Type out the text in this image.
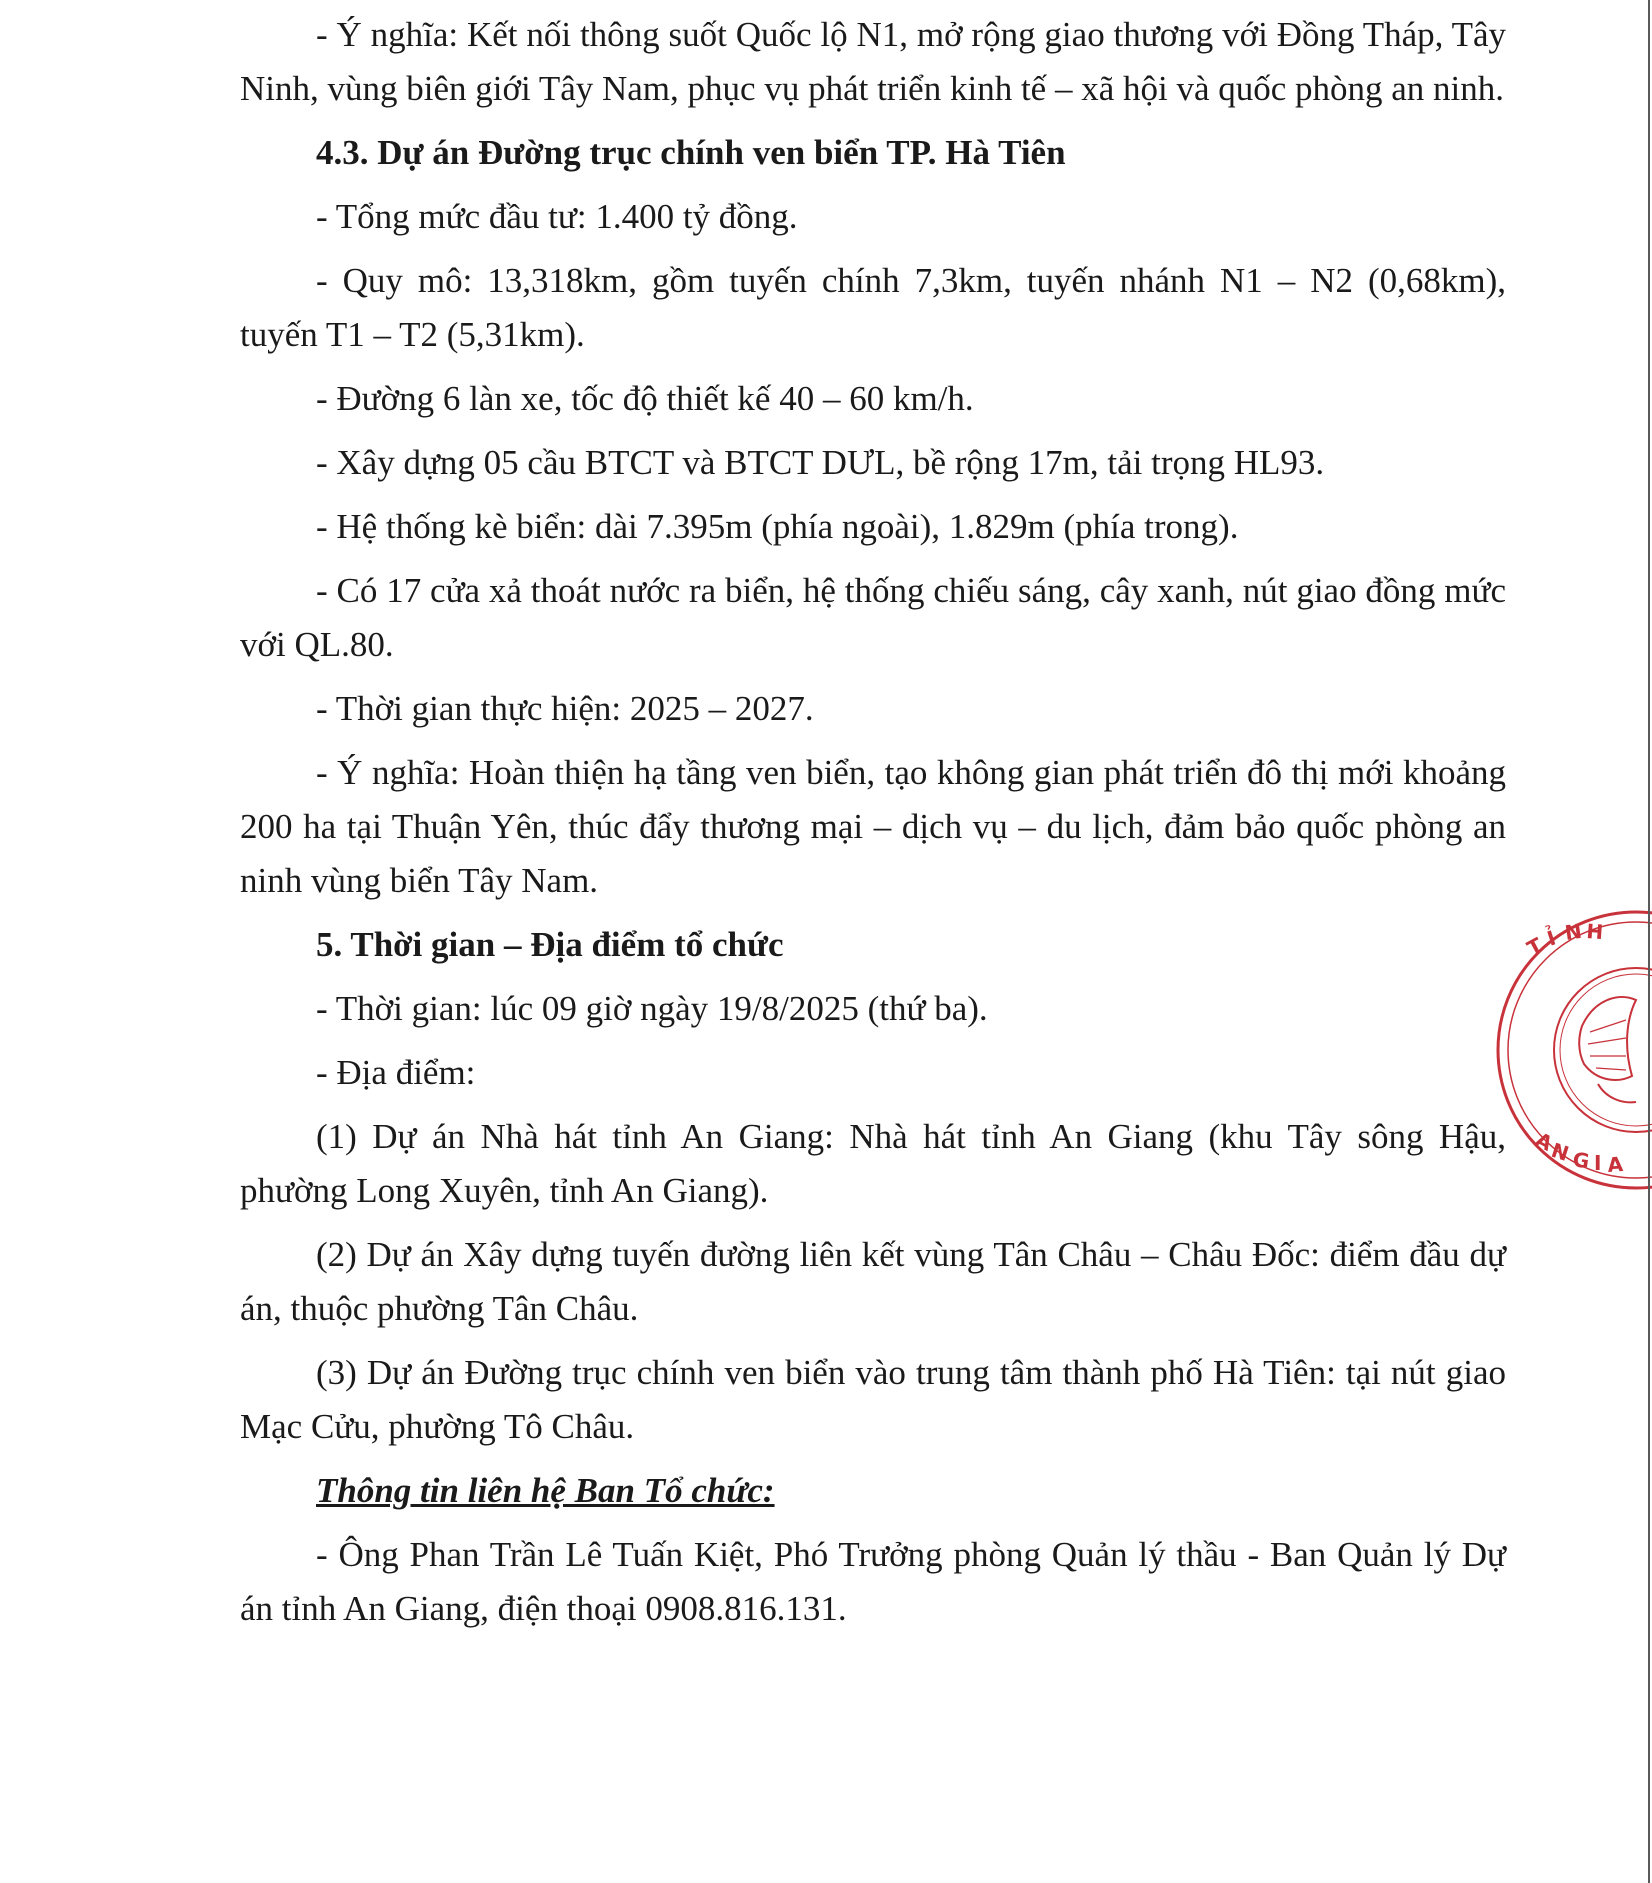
- Ý nghĩa: Kết nối thông suốt Quốc lộ N1, mở rộng giao thương với Đồng Tháp, Tây Ninh, vùng biên giới Tây Nam, phục vụ phát triển kinh tế – xã hội và quốc phòng an ninh.

4.3. Dự án Đường trục chính ven biển TP. Hà Tiên

- Tổng mức đầu tư: 1.400 tỷ đồng.

- Quy mô: 13,318km, gồm tuyến chính 7,3km, tuyến nhánh N1 – N2 (0,68km), tuyến T1 – T2 (5,31km).

- Đường 6 làn xe, tốc độ thiết kế 40 – 60 km/h.

- Xây dựng 05 cầu BTCT và BTCT DƯL, bề rộng 17m, tải trọng HL93.

- Hệ thống kè biển: dài 7.395m (phía ngoài), 1.829m (phía trong).

- Có 17 cửa xả thoát nước ra biển, hệ thống chiếu sáng, cây xanh, nút giao đồng mức với QL.80.

- Thời gian thực hiện: 2025 – 2027.

- Ý nghĩa: Hoàn thiện hạ tầng ven biển, tạo không gian phát triển đô thị mới khoảng 200 ha tại Thuận Yên, thúc đẩy thương mại – dịch vụ – du lịch, đảm bảo quốc phòng an ninh vùng biển Tây Nam.

5. Thời gian – Địa điểm tổ chức

- Thời gian: lúc 09 giờ ngày 19/8/2025 (thứ ba).

- Địa điểm:

(1) Dự án Nhà hát tỉnh An Giang: Nhà hát tỉnh An Giang (khu Tây sông Hậu, phường Long Xuyên, tỉnh An Giang).

(2) Dự án Xây dựng tuyến đường liên kết vùng Tân Châu – Châu Đốc: điểm đầu dự án, thuộc phường Tân Châu.

(3) Dự án Đường trục chính ven biển vào trung tâm thành phố Hà Tiên: tại nút giao Mạc Cửu, phường Tô Châu.

Thông tin liên hệ Ban Tổ chức:

- Ông Phan Trần Lê Tuấn Kiệt, Phó Trưởng phòng Quản lý thầu - Ban Quản lý Dự án tỉnh An Giang, điện thoại 0908.816.131.

T
Ỉ N H
A
N G I A
